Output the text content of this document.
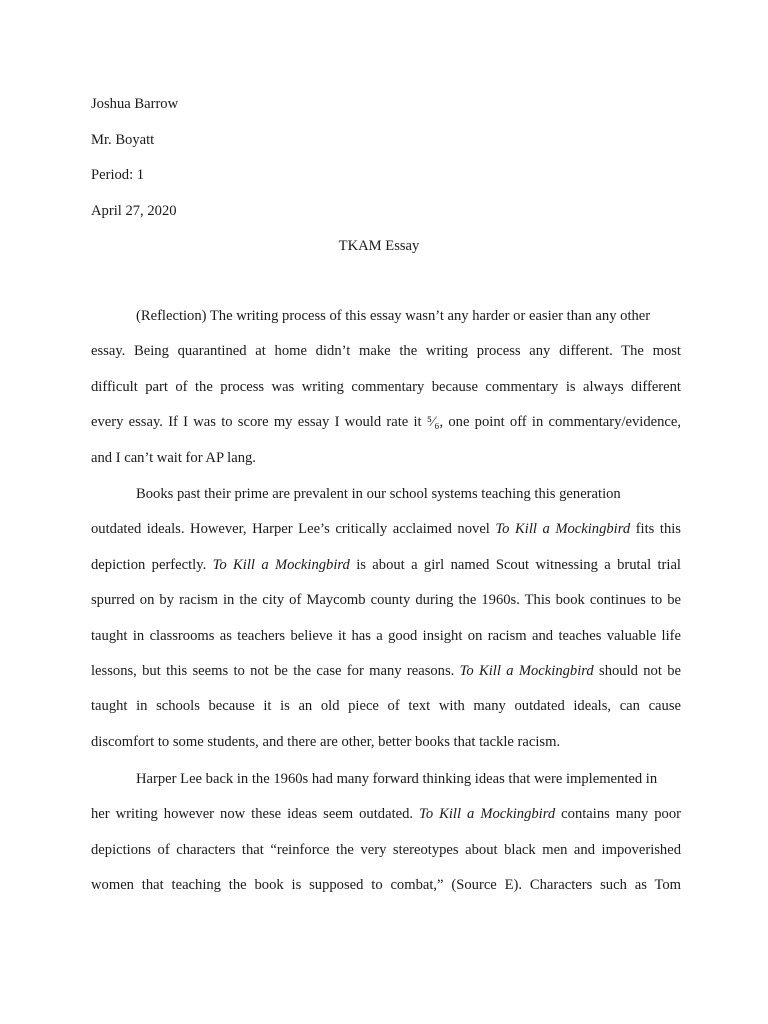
Joshua Barrow
Mr. Boyatt
Period: 1
April 27, 2020
TKAM Essay
(Reflection) The writing process of this essay wasn’t any harder or easier than any other
essay. Being quarantined at home didn’t make the writing process any different. The most
difficult part of the process was writing commentary because commentary is always different
every essay. If I was to score my essay I would rate it ⁵⁄₆, one point off in commentary/evidence,
and I can’t wait for AP lang.
Books past their prime are prevalent in our school systems teaching this generation
outdated ideals. However, Harper Lee’s critically acclaimed novel To Kill a Mockingbird fits this
depiction perfectly. To Kill a Mockingbird is about a girl named Scout witnessing a brutal trial
spurred on by racism in the city of Maycomb county during the 1960s. This book continues to be
taught in classrooms as teachers believe it has a good insight on racism and teaches valuable life
lessons, but this seems to not be the case for many reasons. To Kill a Mockingbird should not be
taught in schools because it is an old piece of text with many outdated ideals, can cause
discomfort to some students, and there are other, better books that tackle racism.
Harper Lee back in the 1960s had many forward thinking ideas that were implemented in
her writing however now these ideas seem outdated. To Kill a Mockingbird contains many poor
depictions of characters that “reinforce the very stereotypes about black men and impoverished
women that teaching the book is supposed to combat,” (Source E). Characters such as Tom
